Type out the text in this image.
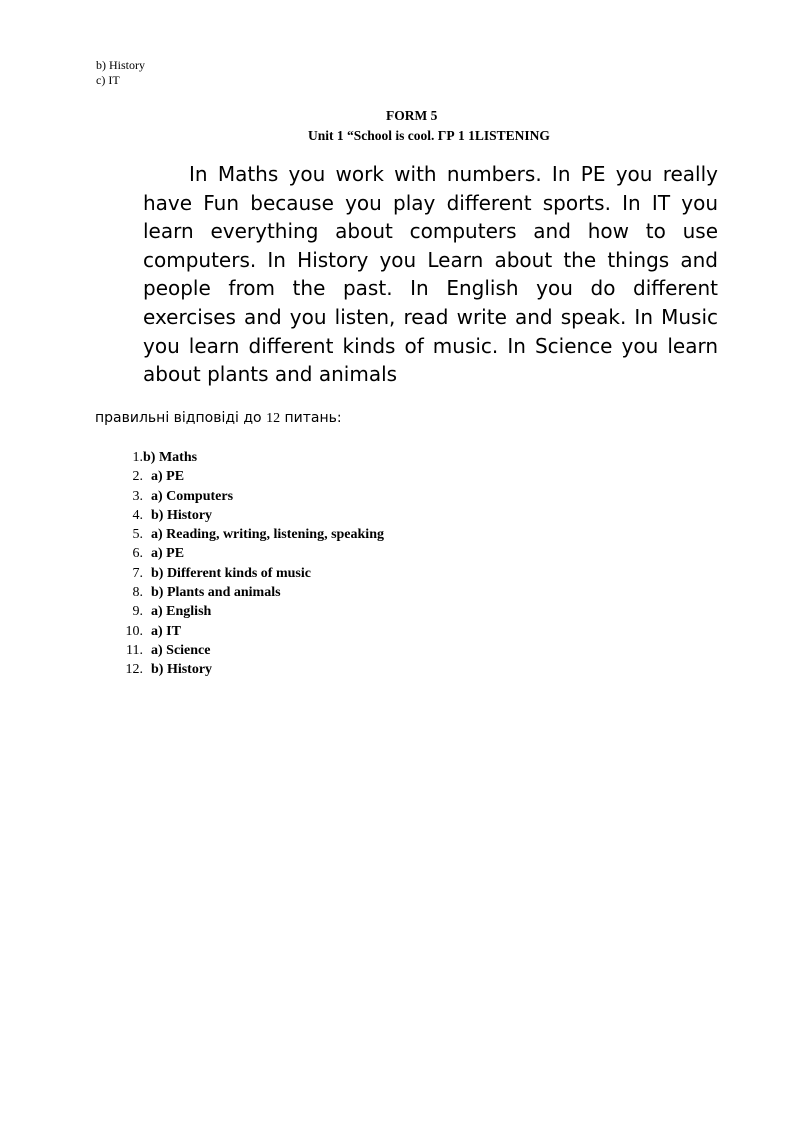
b) History
c) IT
FORM 5
Unit 1 “School is cool. ГР 1 1LISTENING
In Maths you work with numbers. In PE you really have Fun because you play different sports. In IT you learn everything about computers and how to use computers. In History you Learn about the things and people from the past. In English you do different exercises and you listen, read write and speak. In Music you learn different kinds of music. In Science you learn about plants and animals
правильні відповіді до 12 питань:
1. b) Maths
2. a) PE
3. a) Computers
4. b) History
5. a) Reading, writing, listening, speaking
6. a) PE
7. b) Different kinds of music
8. b) Plants and animals
9. a) English
10. a) IT
11. a) Science
12. b) History
